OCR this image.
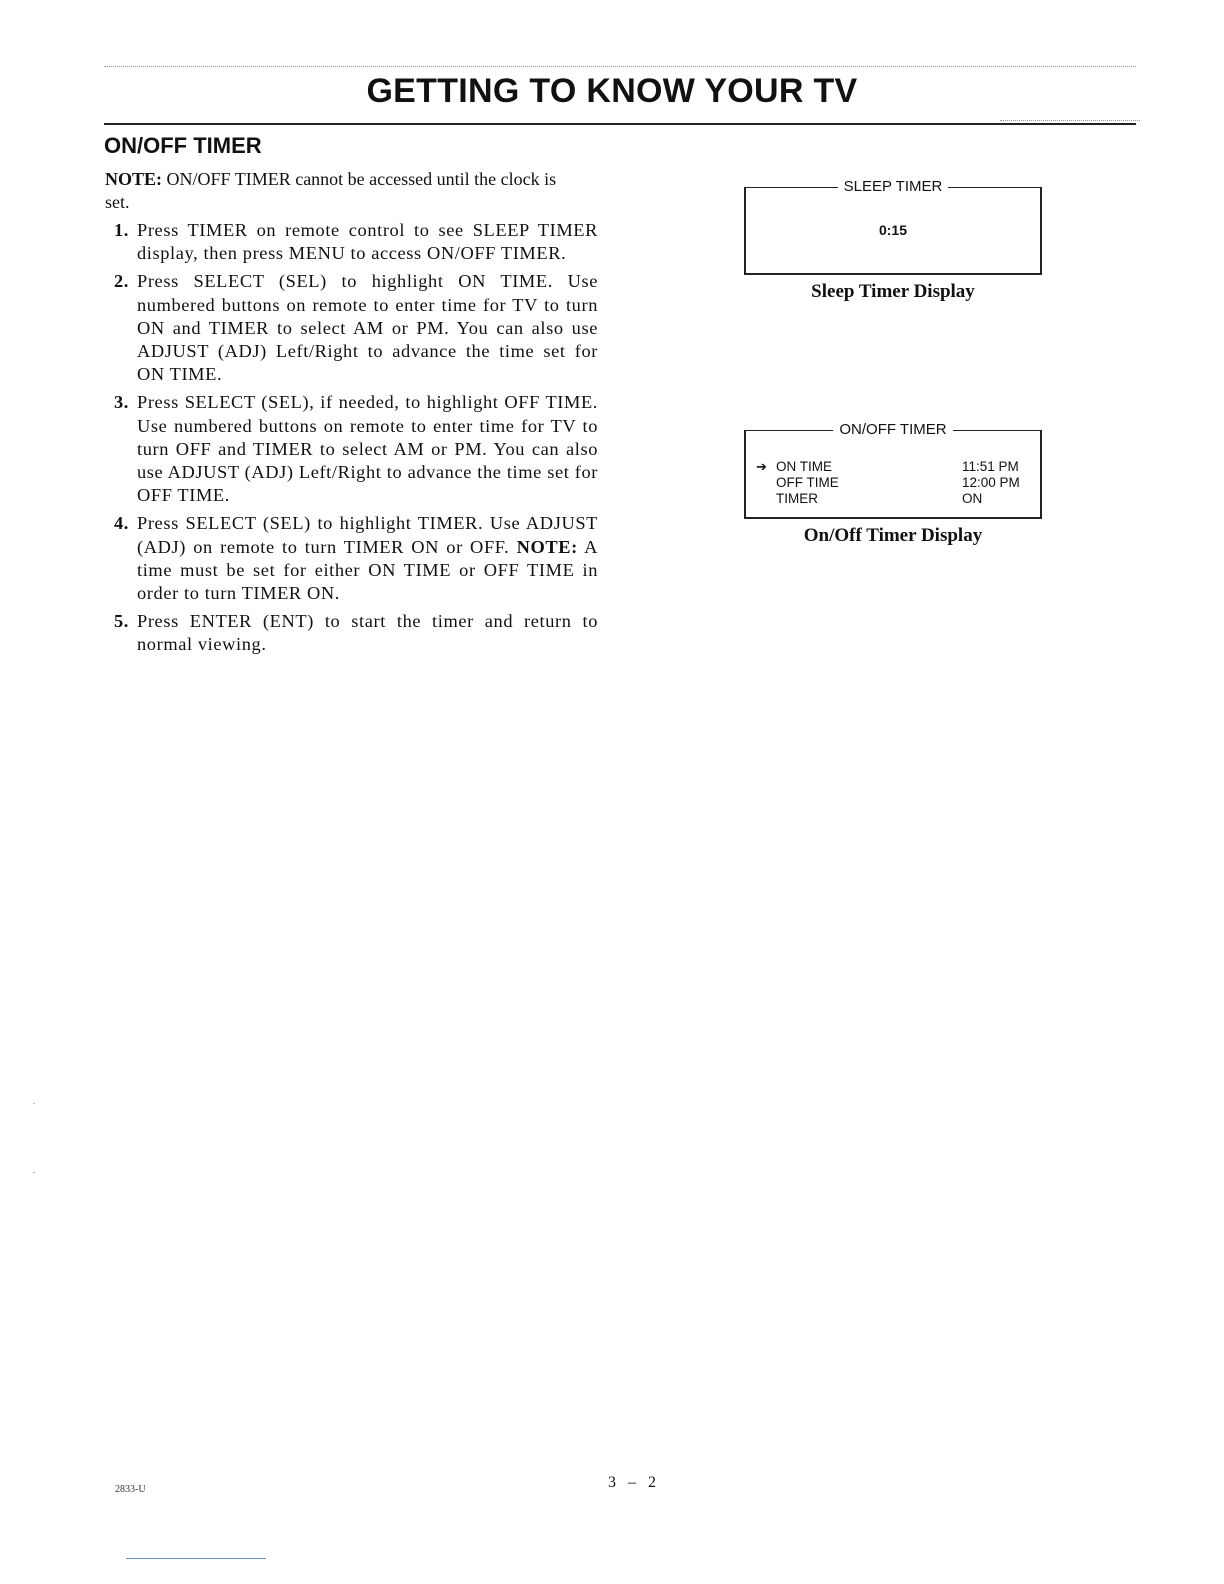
GETTING TO KNOW YOUR TV
ON/OFF TIMER
NOTE: ON/OFF TIMER cannot be accessed until the clock is set.
1. Press TIMER on remote control to see SLEEP TIMER display, then press MENU to access ON/OFF TIMER.
2. Press SELECT (SEL) to highlight ON TIME. Use numbered buttons on remote to enter time for TV to turn ON and TIMER to select AM or PM. You can also use ADJUST (ADJ) Left/Right to advance the time set for ON TIME.
3. Press SELECT (SEL), if needed, to highlight OFF TIME. Use numbered buttons on remote to enter time for TV to turn OFF and TIMER to select AM or PM. You can also use ADJUST (ADJ) Left/Right to advance the time set for OFF TIME.
4. Press SELECT (SEL) to highlight TIMER. Use ADJUST (ADJ) on remote to turn TIMER ON or OFF. NOTE: A time must be set for either ON TIME or OFF TIME in order to turn TIMER ON.
5. Press ENTER (ENT) to start the timer and return to normal viewing.
SLEEP TIMER
0:15
Sleep Timer Display
ON/OFF TIMER
➔ ON TIME	11:51 PM
OFF TIME	12:00 PM
TIMER	ON
On/Off Timer Display
2833-U	3 – 2
